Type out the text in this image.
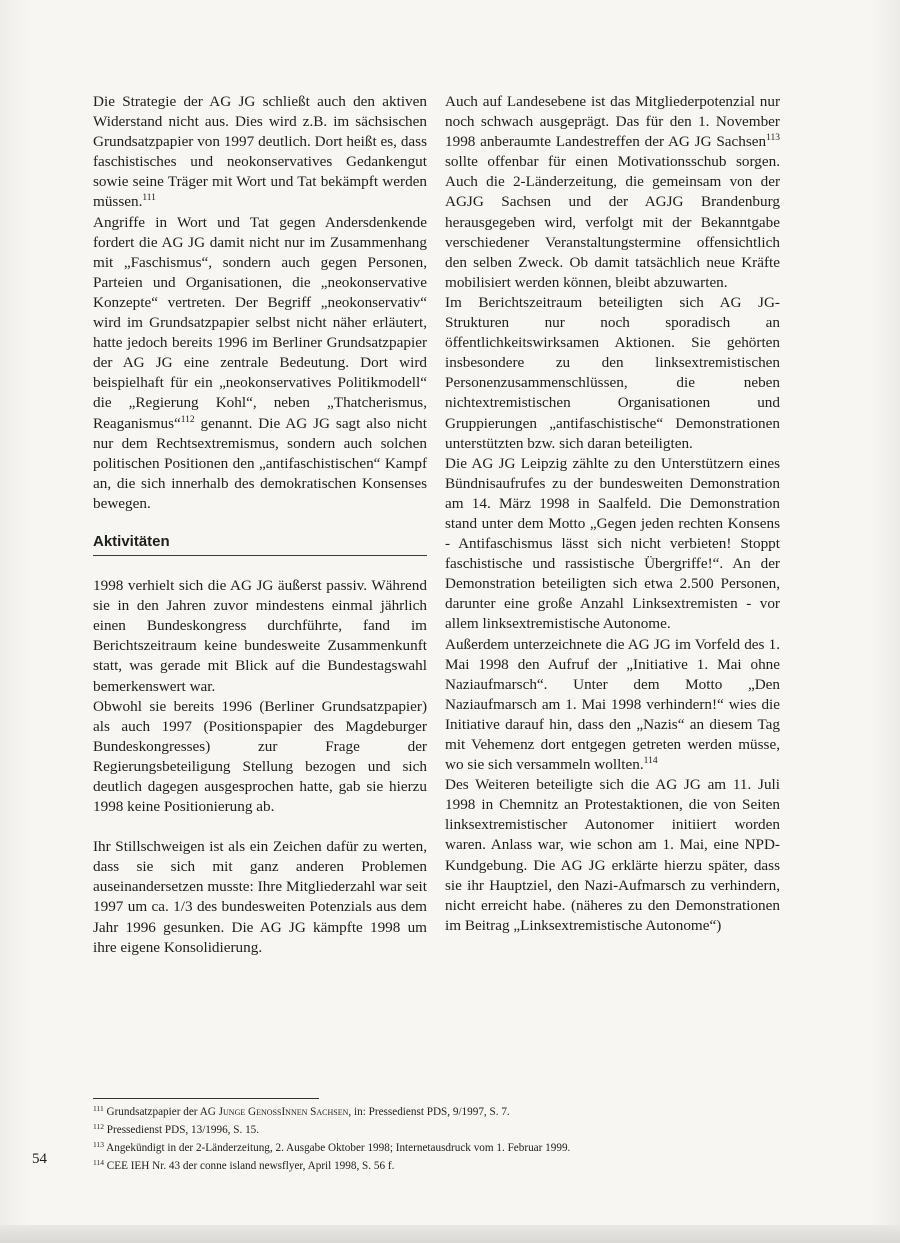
Die Strategie der AG JG schließt auch den aktiven Widerstand nicht aus. Dies wird z.B. im sächsischen Grundsatzpapier von 1997 deutlich. Dort heißt es, dass faschistisches und neokonservatives Gedankengut sowie seine Träger mit Wort und Tat bekämpft werden müssen.$^{111}$

Angriffe in Wort und Tat gegen Andersdenkende fordert die AG JG damit nicht nur im Zusammenhang mit „Faschismus“, sondern auch gegen Personen, Parteien und Organisationen, die „neokonservative Konzepte“ vertreten. Der Begriff „neokonservativ“ wird im Grundsatzpapier selbst nicht näher erläutert, hatte jedoch bereits 1996 im Berliner Grundsatzpapier der AG JG eine zentrale Bedeutung. Dort wird beispielhaft für ein „neokonservatives Politikmodell“ die „Regierung Kohl“, neben „Thatcherismus, Reaganismus“$^{112}$ genannt. Die AG JG sagt also nicht nur dem Rechtsextremismus, sondern auch solchen politischen Positionen den „antifaschistischen“ Kampf an, die sich innerhalb des demokratischen Konsenses bewegen.

Aktivitäten

1998 verhielt sich die AG JG äußerst passiv. Während sie in den Jahren zuvor mindestens einmal jährlich einen Bundeskongress durchführte, fand im Berichtszeitraum keine bundesweite Zusammenkunft statt, was gerade mit Blick auf die Bundestagswahl bemerkenswert war.

Obwohl sie bereits 1996 (Berliner Grundsatzpapier) als auch 1997 (Positionspapier des Magdeburger Bundeskongresses) zur Frage der Regierungsbeteiligung Stellung bezogen und sich deutlich dagegen ausgesprochen hatte, gab sie hierzu 1998 keine Positionierung ab.

Ihr Stillschweigen ist als ein Zeichen dafür zu werten, dass sie sich mit ganz anderen Problemen auseinandersetzen musste: Ihre Mitgliederzahl war seit 1997 um ca. 1/3 des bundesweiten Potenzials aus dem Jahr 1996 gesunken. Die AG JG kämpfte 1998 um ihre eigene Konsolidierung.

Auch auf Landesebene ist das Mitgliederpotenzial nur noch schwach ausgeprägt. Das für den 1. November 1998 anberaumte Landestreffen der AG JG Sachsen$^{113}$ sollte offenbar für einen Motivationsschub sorgen. Auch die 2-Länderzeitung, die gemeinsam von der AGJG Sachsen und der AGJG Brandenburg herausgegeben wird, verfolgt mit der Bekanntgabe verschiedener Veranstaltungstermine offensichtlich den selben Zweck. Ob damit tatsächlich neue Kräfte mobilisiert werden können, bleibt abzuwarten.

Im Berichtszeitraum beteiligten sich AG JG-Strukturen nur noch sporadisch an öffentlichkeitswirksamen Aktionen. Sie gehörten insbesondere zu den linksextremistischen Personenzusammenschlüssen, die neben nichtextremistischen Organisationen und Gruppierungen „antifaschistische“ Demonstrationen unterstützten bzw. sich daran beteiligten.

Die AG JG Leipzig zählte zu den Unterstützern eines Bündnisaufrufes zu der bundesweiten Demonstration am 14. März 1998 in Saalfeld. Die Demonstration stand unter dem Motto „Gegen jeden rechten Konsens - Antifaschismus lässt sich nicht verbieten! Stoppt faschistische und rassistische Übergriffe!“. An der Demonstration beteiligten sich etwa 2.500 Personen, darunter eine große Anzahl Linksextremisten - vor allem linksextremistische Autonome.

Außerdem unterzeichnete die AG JG im Vorfeld des 1. Mai 1998 den Aufruf der „Initiative 1. Mai ohne Naziaufmarsch“. Unter dem Motto „Den Naziaufmarsch am 1. Mai 1998 verhindern!“ wies die Initiative darauf hin, dass den „Nazis“ an diesem Tag mit Vehemenz dort entgegen getreten werden müsse, wo sie sich versammeln wollten.$^{114}$

Des Weiteren beteiligte sich die AG JG am 11. Juli 1998 in Chemnitz an Protestaktionen, die von Seiten linksextremistischer Autonomer initiiert worden waren. Anlass war, wie schon am 1. Mai, eine NPD-Kundgebung. Die AG JG erklärte hierzu später, dass sie ihr Hauptziel, den Nazi-Aufmarsch zu verhindern, nicht erreicht habe. (näheres zu den Demonstrationen im Beitrag „Linksextremistische Autonome“)

$^{111}$ Grundsatzpapier der AG Junge GenossInnen Sachsen, in: Pressedienst PDS, 9/1997, S. 7.
$^{112}$ Pressedienst PDS, 13/1996, S. 15.
$^{113}$ Angekündigt in der 2-Länderzeitung, 2. Ausgabe Oktober 1998; Internetausdruck vom 1. Februar 1999.
$^{114}$ CEE IEH Nr. 43 der conne island newsflyer, April 1998, S. 56 f.
54
